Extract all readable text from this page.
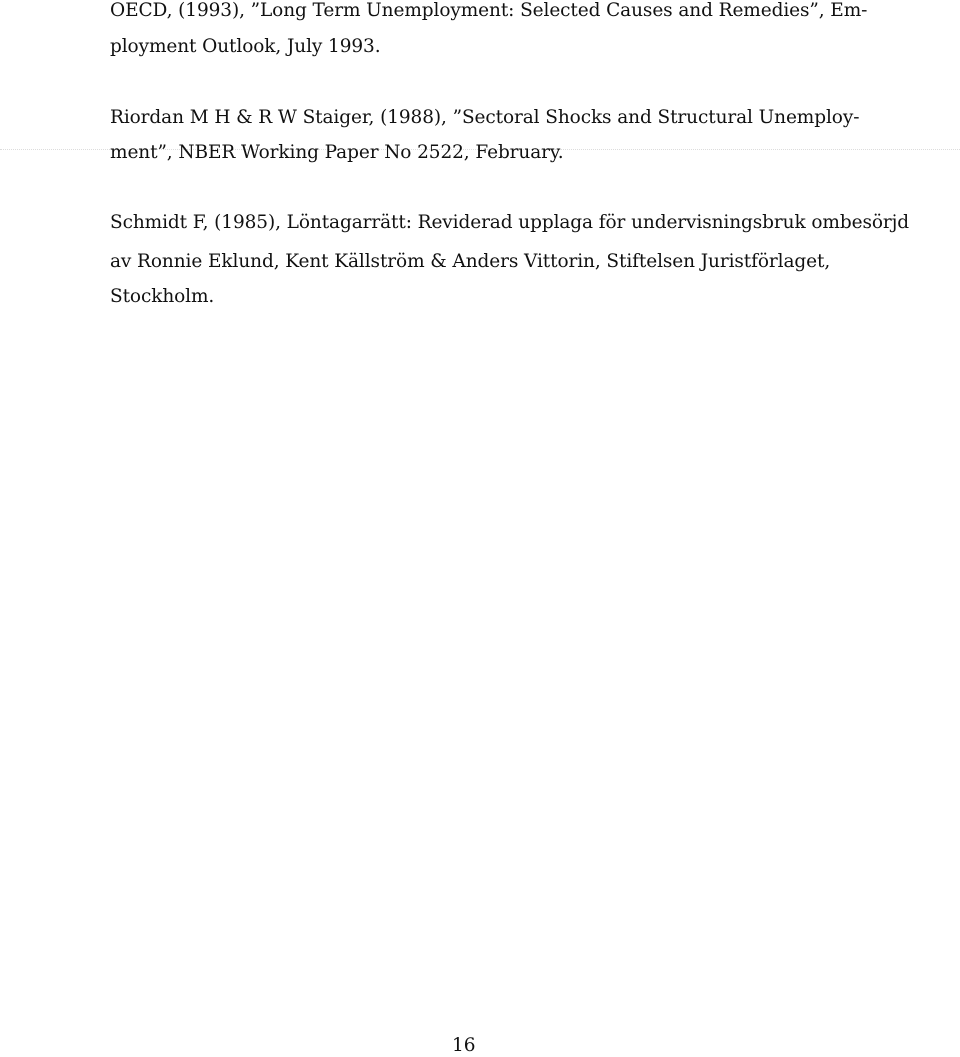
OECD, (1993), ”Long Term Unemployment: Selected Causes and Remedies”, Em-
ployment Outlook, July 1993.
Riordan M H & R W Staiger, (1988), ”Sectoral Shocks and Structural Unemploy-
ment”, NBER Working Paper No 2522, February.
Schmidt F, (1985), Löntagarrätt: Reviderad upplaga för undervisningsbruk ombesörjd
av Ronnie Eklund, Kent Källström & Anders Vittorin, Stiftelsen Juristförlaget,
Stockholm.
16
